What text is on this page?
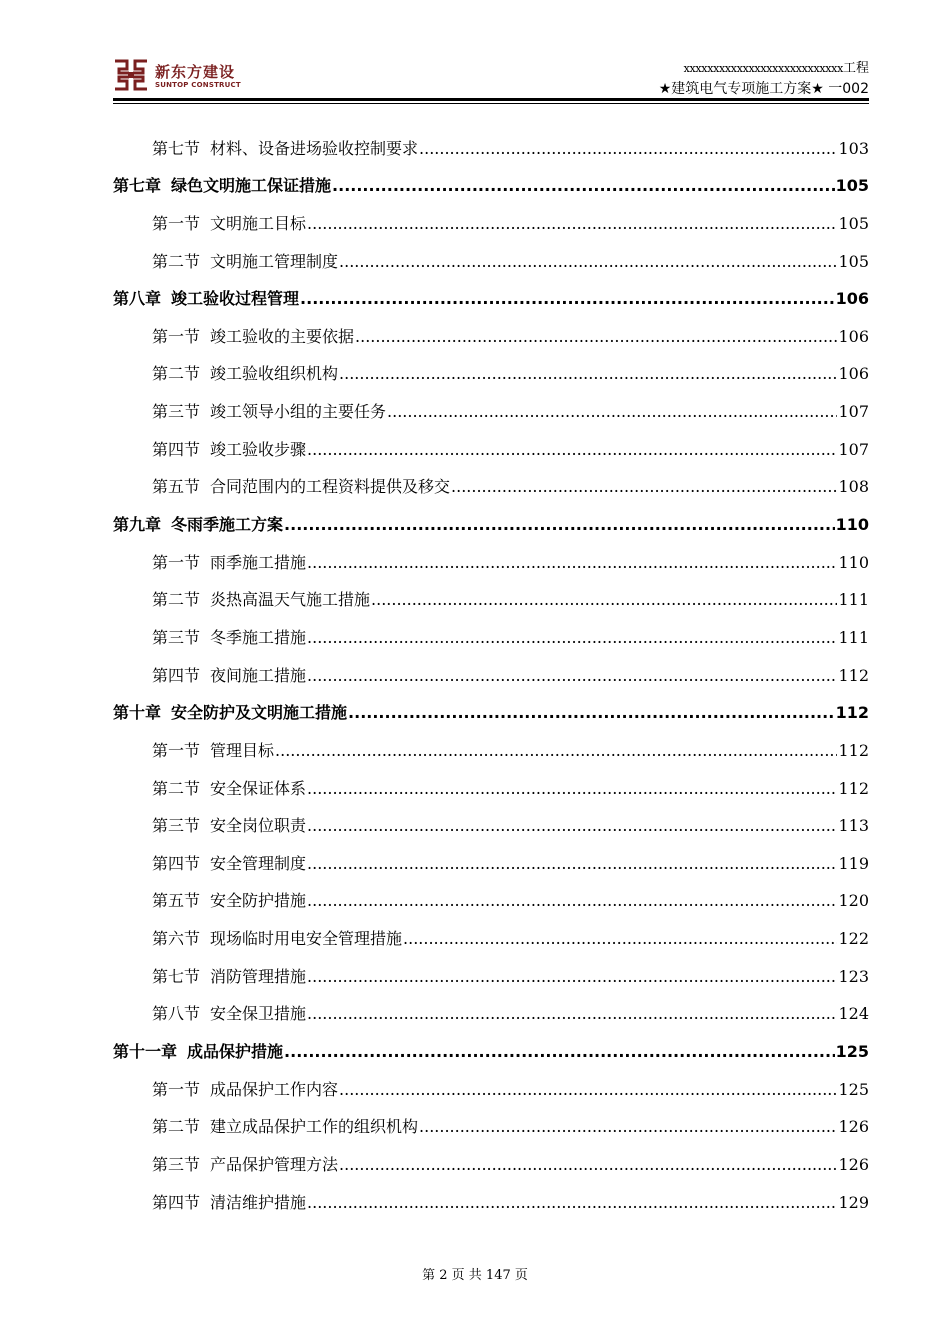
新东方建设
SUNTOP CONSTRUCT
xxxxxxxxxxxxxxxxxxxxxxxxxxx工程
★建筑电气专项施工方案★ 一002
第七节 材料、设备进场验收控制要求 .....	103
第七章 绿色文明施工保证措施 .....	105
第一节 文明施工目标 .....	105
第二节 文明施工管理制度 .....	105
第八章 竣工验收过程管理 .....	106
第一节 竣工验收的主要依据 .....	106
第二节 竣工验收组织机构 .....	106
第三节 竣工领导小组的主要任务 .....	107
第四节 竣工验收步骤 .....	107
第五节 合同范围内的工程资料提供及移交 .....	108
第九章 冬雨季施工方案 .....	110
第一节 雨季施工措施 .....	110
第二节 炎热高温天气施工措施 .....	111
第三节 冬季施工措施 .....	111
第四节 夜间施工措施 .....	112
第十章 安全防护及文明施工措施 .....	112
第一节 管理目标 .....	112
第二节 安全保证体系 .....	112
第三节 安全岗位职责 .....	113
第四节 安全管理制度 .....	119
第五节 安全防护措施 .....	120
第六节 现场临时用电安全管理措施 .....	122
第七节 消防管理措施 .....	123
第八节 安全保卫措施 .....	124
第十一章 成品保护措施 .....	125
第一节 成品保护工作内容 .....	125
第二节 建立成品保护工作的组织机构 .....	126
第三节 产品保护管理方法 .....	126
第四节 清洁维护措施 .....	129
第 2 页 共 147 页
